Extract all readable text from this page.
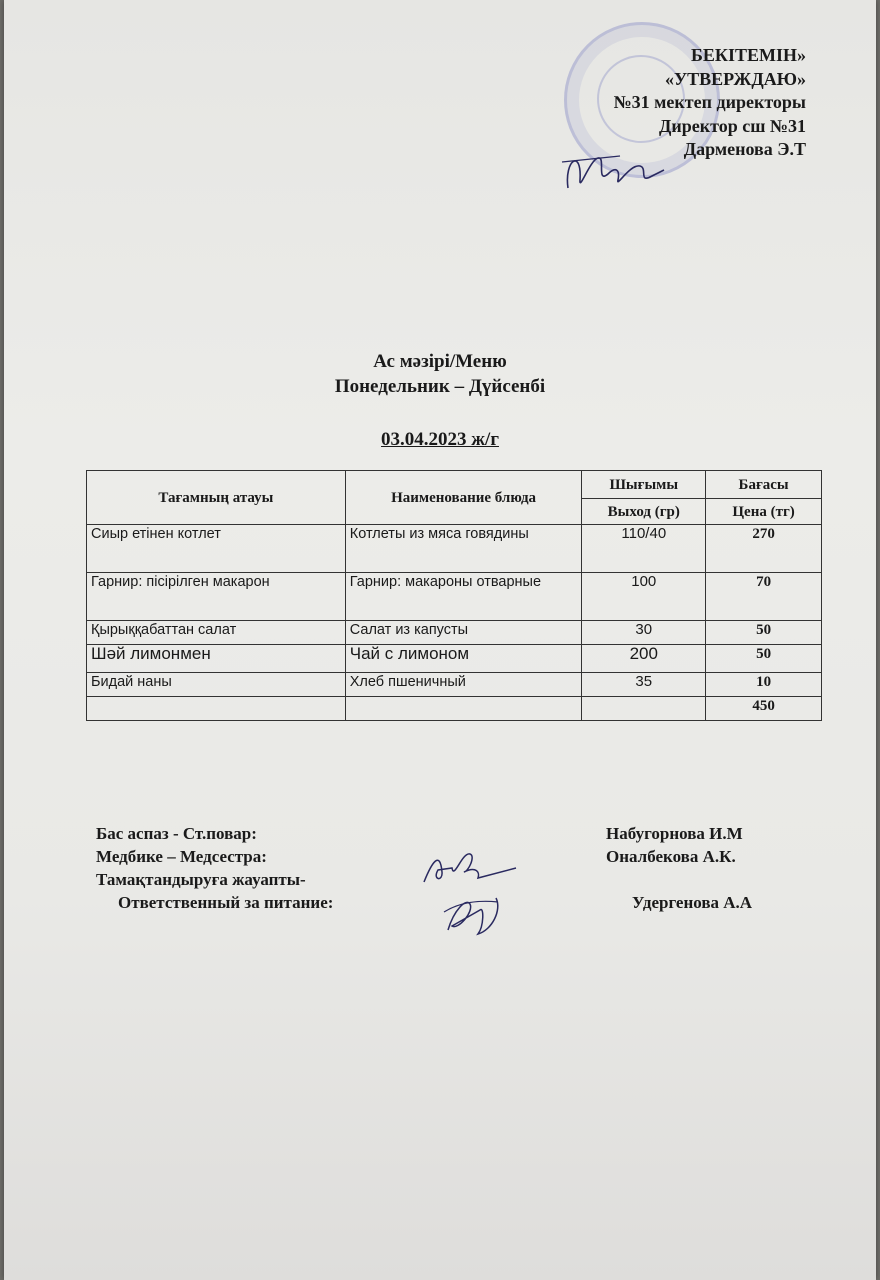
БЕКІТЕМІН»
«УТВЕРЖДАЮ»
№31 мектеп директоры
Директор сш №31
Дарменова Э.Т
Ас мәзірі/Меню
Понедельник – Дүйсенбі
03.04.2023 ж/г
Тағамның атауы	Наименование блюда	Шығымы	Бағасы
		Выход (гр)	Цена (тг)
Сиыр етінен котлет	Котлеты из мяса говядины	110/40	270
Гарнир: пісірілген макарон	Гарнир: макароны отварные	100	70
Қырыққабаттан салат	Салат из капусты	30	50
Шәй лимонмен	Чай с лимоном	200	50
Бидай наны	Хлеб пшеничный	35	10
			450
Бас аспаз - Ст.повар:	Набугорнова И.М
Медбике – Медсестра:	Оналбекова А.К.
Тамақтандыруға жауапты-
Ответственный за питание:	Удергенова А.А
